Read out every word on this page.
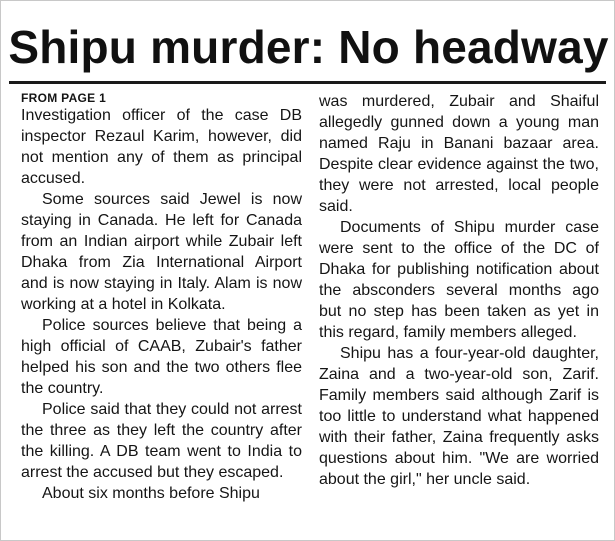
Shipu murder: No headway
FROM PAGE 1
Investigation officer of the case DB inspector Rezaul Karim, however, did not mention any of them as principal accused.
Some sources said Jewel is now staying in Canada. He left for Canada from an Indian airport while Zubair left Dhaka from Zia International Airport and is now staying in Italy. Alam is now working at a hotel in Kolkata.
Police sources believe that being a high official of CAAB, Zubair's father helped his son and the two others flee the country.
Police said that they could not arrest the three as they left the country after the killing. A DB team went to India to arrest the accused but they escaped.
About six months before Shipu
was murdered, Zubair and Shaiful allegedly gunned down a young man named Raju in Banani bazaar area. Despite clear evidence against the two, they were not arrested, local people said.
Documents of Shipu murder case were sent to the office of the DC of Dhaka for publishing notification about the absconders several months ago but no step has been taken as yet in this regard, family members alleged.
Shipu has a four-year-old daughter, Zaina and a two-year-old son, Zarif. Family members said although Zarif is too little to understand what happened with their father, Zaina frequently asks questions about him. "We are worried about the girl," her uncle said.
